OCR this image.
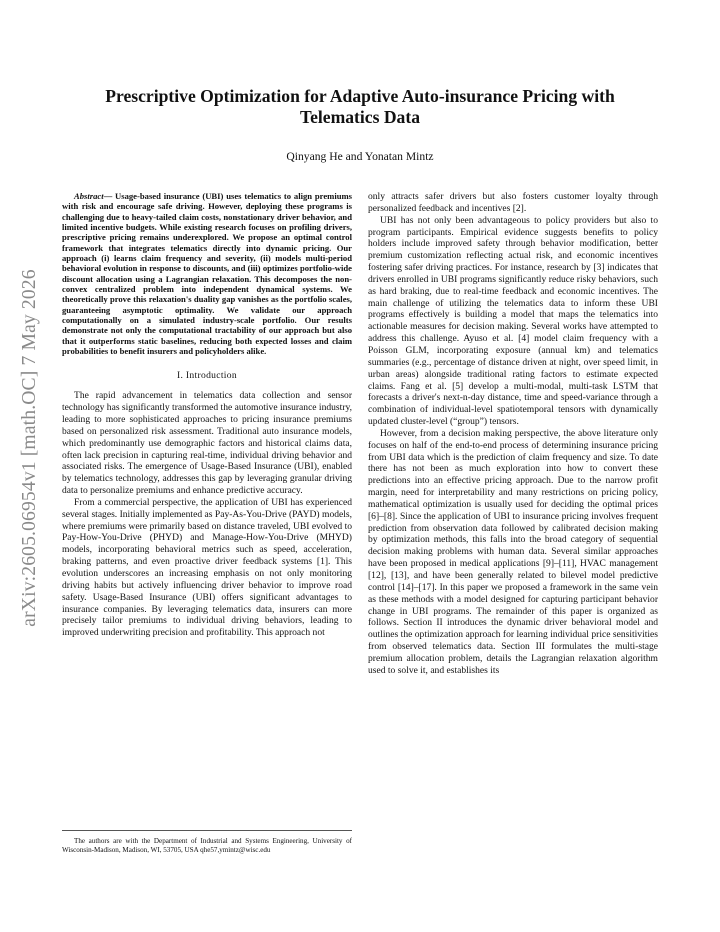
arXiv:2605.06954v1 [math.OC] 7 May 2026
Prescriptive Optimization for Adaptive Auto-insurance Pricing with Telematics Data
Qinyang He and Yonatan Mintz

Abstract— Usage-based insurance (UBI) uses telematics to align premiums with risk and encourage safe driving. However, deploying these programs is challenging due to heavy-tailed claim costs, nonstationary driver behavior, and limited incentive budgets. While existing research focuses on profiling drivers, prescriptive pricing remains underexplored. We propose an optimal control framework that integrates telematics directly into dynamic pricing. Our approach (i) learns claim frequency and severity, (ii) models multi-period behavioral evolution in response to discounts, and (iii) optimizes portfolio-wide discount allocation using a Lagrangian relaxation. This decomposes the non-convex centralized problem into independent dynamical systems. We theoretically prove this relaxation's duality gap vanishes as the portfolio scales, guaranteeing asymptotic optimality. We validate our approach computationally on a simulated industry-scale portfolio. Our results demonstrate not only the computational tractability of our approach but also that it outperforms static baselines, reducing both expected losses and claim probabilities to benefit insurers and policyholders alike.

I. Introduction

The rapid advancement in telematics data collection and sensor technology has significantly transformed the automotive insurance industry, leading to more sophisticated approaches to pricing insurance premiums based on personalized risk assessment. Traditional auto insurance models, which predominantly use demographic factors and historical claims data, often lack precision in capturing real-time, individual driving behavior and associated risks. The emergence of Usage-Based Insurance (UBI), enabled by telematics technology, addresses this gap by leveraging granular driving data to personalize premiums and enhance predictive accuracy.

From a commercial perspective, the application of UBI has experienced several stages. Initially implemented as Pay-As-You-Drive (PAYD) models, where premiums were primarily based on distance traveled, UBI evolved to Pay-How-You-Drive (PHYD) and Manage-How-You-Drive (MHYD) models, incorporating behavioral metrics such as speed, acceleration, braking patterns, and even proactive driver feedback systems [1]. This evolution underscores an increasing emphasis on not only monitoring driving habits but actively influencing driver behavior to improve road safety. Usage-Based Insurance (UBI) offers significant advantages to insurance companies. By leveraging telematics data, insurers can more precisely tailor premiums to individual driving behaviors, leading to improved underwriting precision and profitability. This approach not

The authors are with the Department of Industrial and Systems Engineering, University of Wisconsin-Madison, Madison, WI, 53705, USA qhe57,ymintz@wisc.edu

only attracts safer drivers but also fosters customer loyalty through personalized feedback and incentives [2].

UBI has not only been advantageous to policy providers but also to program participants. Empirical evidence suggests benefits to policy holders include improved safety through behavior modification, better premium customization reflecting actual risk, and economic incentives fostering safer driving practices. For instance, research by [3] indicates that drivers enrolled in UBI programs significantly reduce risky behaviors, such as hard braking, due to real-time feedback and economic incentives. The main challenge of utilizing the telematics data to inform these UBI programs effectively is building a model that maps the telematics into actionable measures for decision making. Several works have attempted to address this challenge. Ayuso et al. [4] model claim frequency with a Poisson GLM, incorporating exposure (annual km) and telematics summaries (e.g., percentage of distance driven at night, over speed limit, in urban areas) alongside traditional rating factors to estimate expected claims. Fang et al. [5] develop a multi-modal, multi-task LSTM that forecasts a driver's next-n-day distance, time and speed-variance through a combination of individual-level spatiotemporal tensors with dynamically updated cluster-level (“group”) tensors.

However, from a decision making perspective, the above literature only focuses on half of the end-to-end process of determining insurance pricing from UBI data which is the prediction of claim frequency and size. To date there has not been as much exploration into how to convert these predictions into an effective pricing approach. Due to the narrow profit margin, need for interpretability and many restrictions on pricing policy, mathematical optimization is usually used for deciding the optimal prices [6]–[8]. Since the application of UBI to insurance pricing involves frequent prediction from observation data followed by calibrated decision making by optimization methods, this falls into the broad category of sequential decision making problems with human data. Several similar approaches have been proposed in medical applications [9]–[11], HVAC management [12], [13], and have been generally related to bilevel model predictive control [14]–[17]. In this paper we proposed a framework in the same vein as these methods with a model designed for capturing participant behavior change in UBI programs. The remainder of this paper is organized as follows. Section II introduces the dynamic driver behavioral model and outlines the optimization approach for learning individual price sensitivities from observed telematics data. Section III formulates the multi-stage premium allocation problem, details the Lagrangian relaxation algorithm used to solve it, and establishes its
